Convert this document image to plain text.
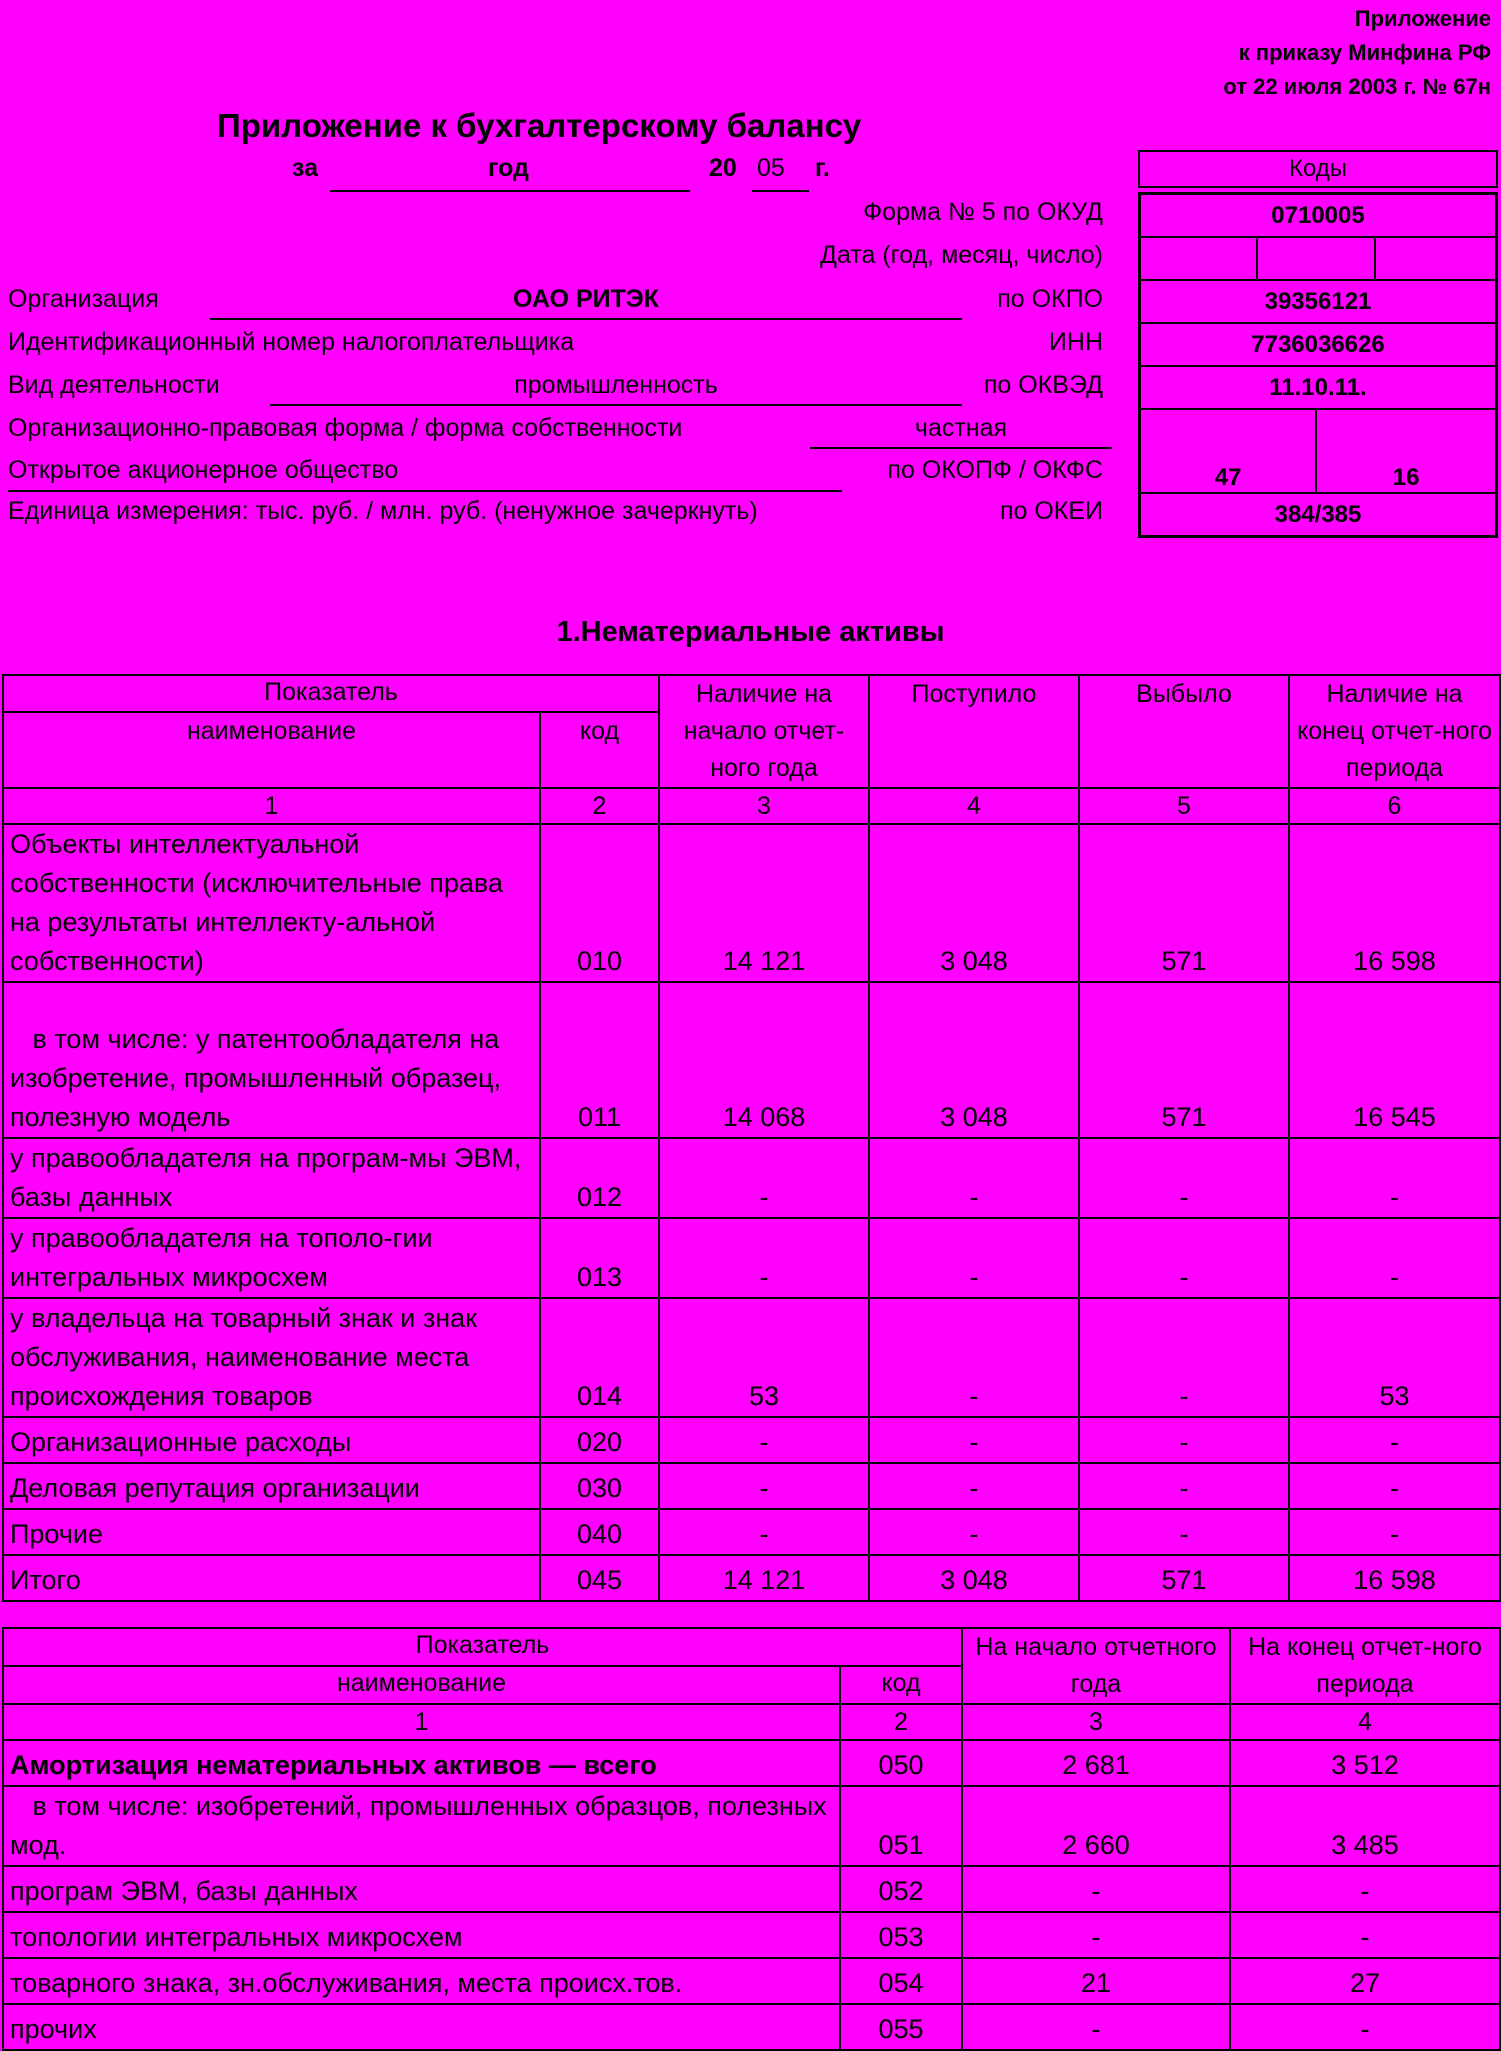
Приложение
к приказу Минфина РФ
от 22 июля 2003 г. № 67н
Приложение к бухгалтерскому балансу
за	год	20 05 г.	Коды
Форма № 5 по ОКУД
Дата (год, месяц, число)
Организация	ОАО РИТЭК	по ОКПО
Идентификационный номер налогоплательщика	ИНН
Вид деятельности	промышленность	по ОКВЭД
Организационно-правовая форма / форма собственности	частная
Открытое акционерное общество	по ОКОПФ / ОКФС
Единица измерения: тыс. руб. / млн. руб. (ненужное зачеркнуть)	по ОКЕИ
0710005			

39356121			
7736036626			
11.10.11.			
47		16	
384/385			
1.Нематериальные активы
Показатель		Наличие на начало отчет-ного года	Поступило	Выбыло	Наличие на конец отчет-ного периода
наименование	код				
1	2	3	4	5	6
Объекты интеллектуальной собственности (исключительные права на результаты интеллекту-альной собственности)	010	14 121	3 048	571	16 598
в том числе: у патентообладателя на изобретение, промышленный образец, полезную модель	011	14 068	3 048	571	16 545
у правообладателя на програм-мы ЭВМ, базы данных	012	-	-	-	-
у правообладателя на тополо-гии интегральных микросхем	013	-	-	-	-
у владельца на товарный знак и знак обслуживания, наименование места происхождения товаров	014	53	-	-	53
Организационные расходы	020	-	-	-	-
Деловая репутация организации	030	-	-	-	-
Прочие	040	-	-	-	-
Итого	045	14 121	3 048	571	16 598
Показатель		На начало отчетного года	На конец отчет-ного периода
наименование	код		
1	2	3	4
Амортизация нематериальных активов — всего	050	2 681	3 512
в том числе: изобретений, промышленных образцов, полезных мод.	051	2 660	3 485
програм ЭВМ, базы данных	052	-	-
топологии интегральных микросхем	053	-	-
товарного знака, зн.обслуживания, места происх.тов.	054	21	27
прочих	055	-	-
